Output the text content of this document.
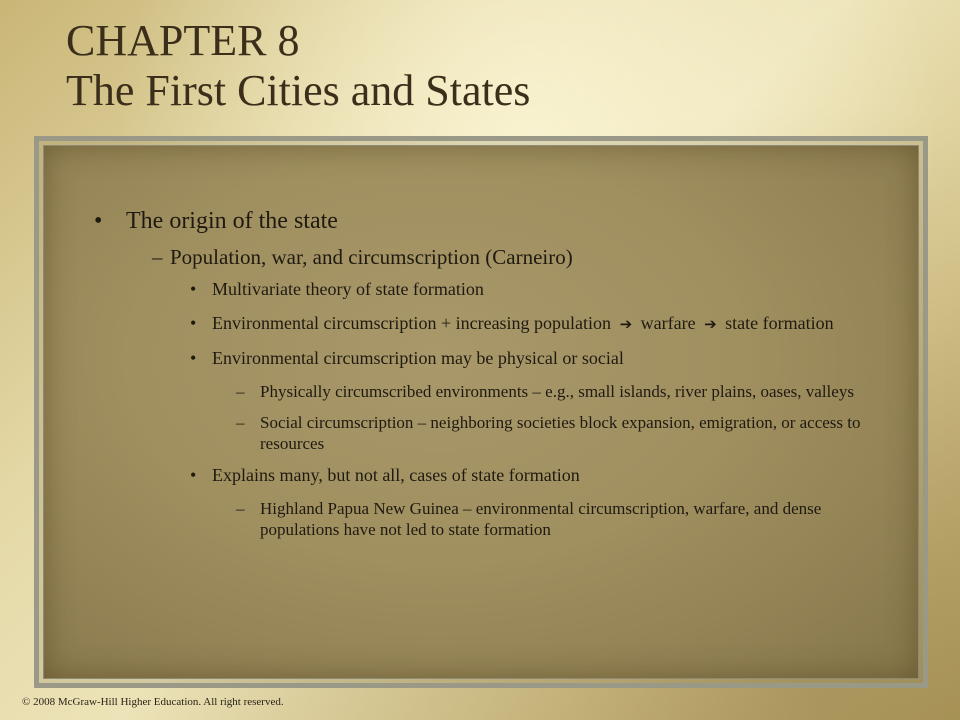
CHAPTER 8
The First Cities and States
• The origin of the state
– Population, war, and circumscription (Carneiro)
• Multivariate theory of state formation
• Environmental circumscription + increasing population ➔ warfare ➔ state formation
• Environmental circumscription may be physical or social
– Physically circumscribed environments – e.g., small islands, river plains, oases, valleys
– Social circumscription – neighboring societies block expansion, emigration, or access to resources
• Explains many, but not all, cases of state formation
– Highland Papua New Guinea – environmental circumscription, warfare, and dense populations have not led to state formation
© 2008 McGraw-Hill Higher Education. All right reserved.
